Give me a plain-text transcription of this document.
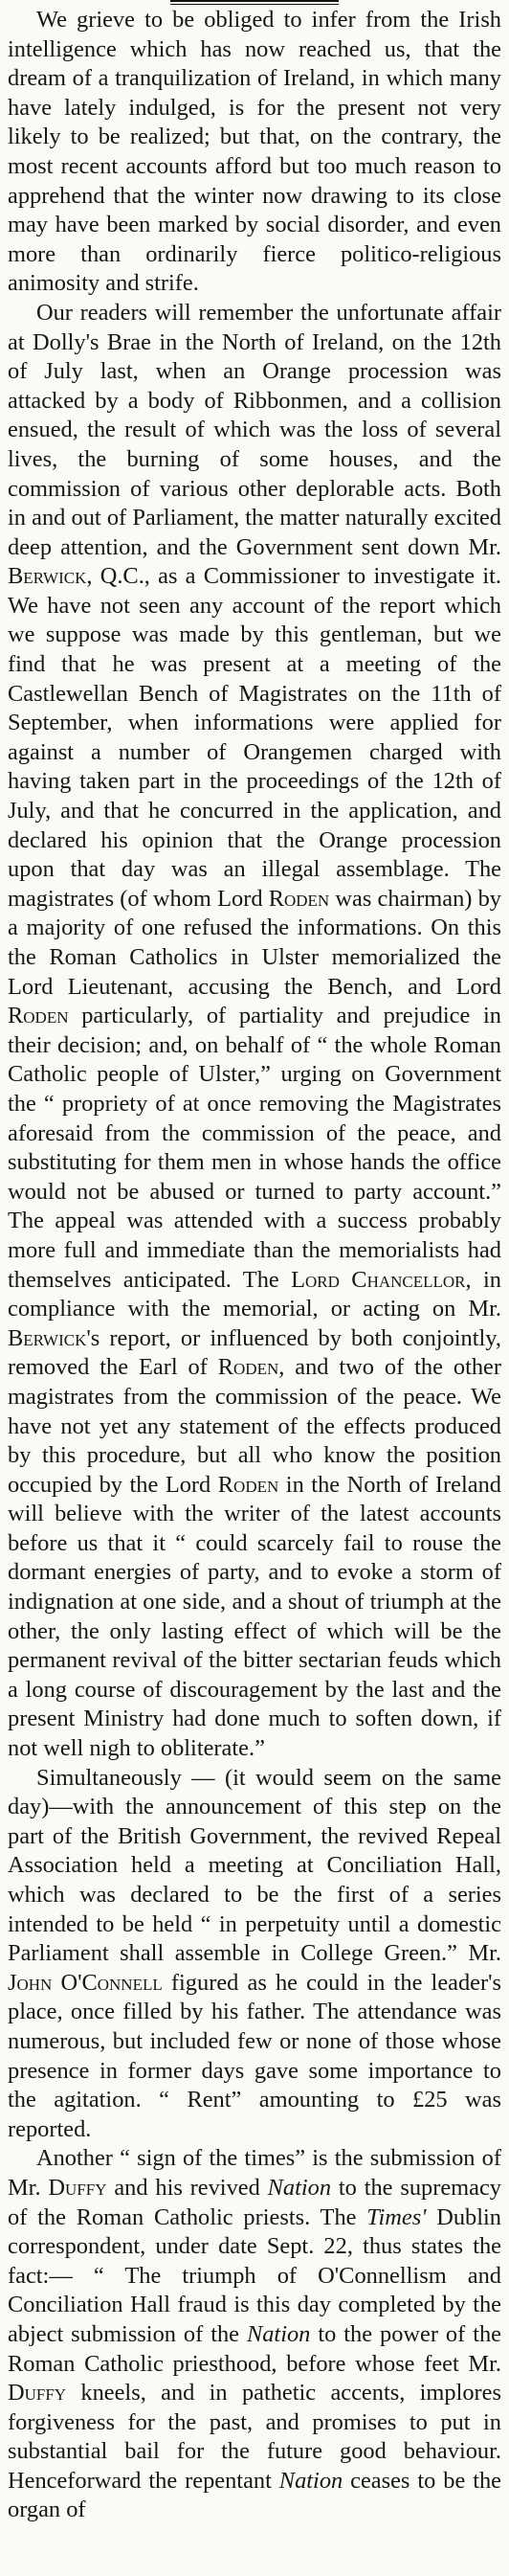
We grieve to be obliged to infer from the Irish intelligence which has now reached us, that the dream of a tranquilization of Ireland, in which many have lately indulged, is for the present not very likely to be realized; but that, on the contrary, the most recent accounts afford but too much reason to apprehend that the winter now drawing to its close may have been marked by social disorder, and even more than ordinarily fierce politico-religious animosity and strife.

Our readers will remember the unfortunate affair at Dolly's Brae in the North of Ireland, on the 12th of July last, when an Orange procession was attacked by a body of Ribbonmen, and a collision ensued, the result of which was the loss of several lives, the burning of some houses, and the commission of various other deplorable acts. Both in and out of Parliament, the matter naturally excited deep attention, and the Government sent down Mr. Berwick, Q.C., as a Commissioner to investigate it. We have not seen any account of the report which we suppose was made by this gentleman, but we find that he was present at a meeting of the Castlewellan Bench of Magistrates on the 11th of September, when informations were applied for against a number of Orangemen charged with having taken part in the proceedings of the 12th of July, and that he concurred in the application, and declared his opinion that the Orange procession upon that day was an illegal assemblage. The magistrates (of whom Lord Roden was chairman) by a majority of one refused the informations. On this the Roman Catholics in Ulster memorialized the Lord Lieutenant, accusing the Bench, and Lord Roden particularly, of partiality and prejudice in their decision; and, on behalf of “ the whole Roman Catholic people of Ulster,” urging on Government the “ propriety of at once removing the Magistrates aforesaid from the commission of the peace, and substituting for them men in whose hands the office would not be abused or turned to party account.” The appeal was attended with a success probably more full and immediate than the memorialists had themselves anticipated. The Lord Chancellor, in compliance with the memorial, or acting on Mr. Berwick's report, or influenced by both conjointly, removed the Earl of Roden, and two of the other magistrates from the commission of the peace. We have not yet any statement of the effects produced by this procedure, but all who know the position occupied by the Lord Roden in the North of Ireland will believe with the writer of the latest accounts before us that it “ could scarcely fail to rouse the dormant energies of party, and to evoke a storm of indignation at one side, and a shout of triumph at the other, the only lasting effect of which will be the permanent revival of the bitter sectarian feuds which a long course of discouragement by the last and the present Ministry had done much to soften down, if not well nigh to obliterate.”

Simultaneously — (it would seem on the same day)—with the announcement of this step on the part of the British Government, the revived Repeal Association held a meeting at Conciliation Hall, which was declared to be the first of a series intended to be held “ in perpetuity until a domestic Parliament shall assemble in College Green.” Mr. John O'Connell figured as he could in the leader's place, once filled by his father. The attendance was numerous, but included few or none of those whose presence in former days gave some importance to the agitation. “ Rent” amounting to £25 was reported.

Another “ sign of the times” is the submission of Mr. Duffy and his revived Nation to the supremacy of the Roman Catholic priests. The Times' Dublin correspondent, under date Sept. 22, thus states the fact:— “ The triumph of O'Connellism and Conciliation Hall fraud is this day completed by the abject submission of the Nation to the power of the Roman Catholic priesthood, before whose feet Mr. Duffy kneels, and in pathetic accents, implores forgiveness for the past, and promises to put in substantial bail for the future good behaviour. Henceforward the repentant Nation ceases to be the organ of
